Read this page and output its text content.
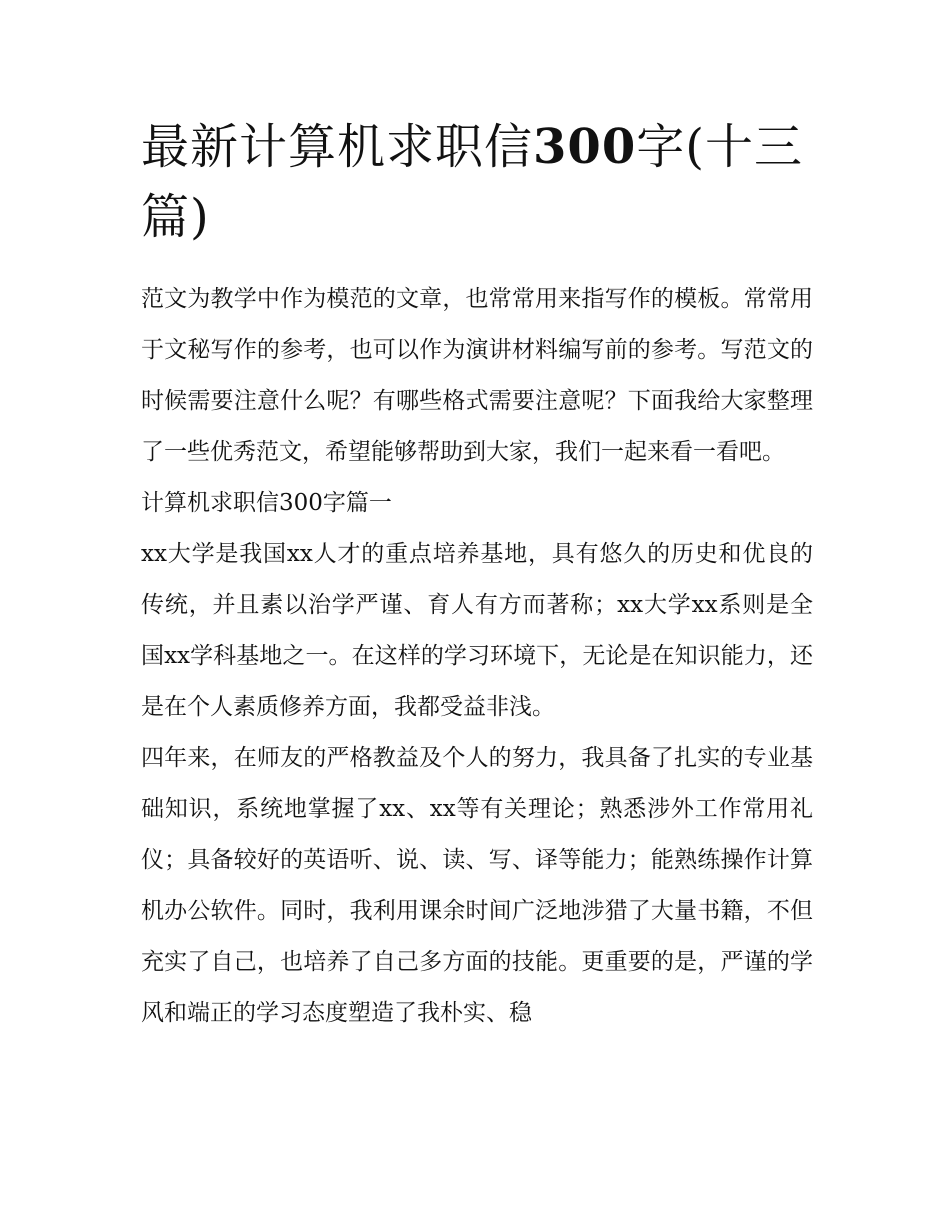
最新计算机求职信300字(十三篇)

范文为教学中作为模范的文章，也常常用来指写作的模板。常常用于文秘写作的参考，也可以作为演讲材料编写前的参考。写范文的时候需要注意什么呢？有哪些格式需要注意呢？下面我给大家整理了一些优秀范文，希望能够帮助到大家，我们一起来看一看吧。

计算机求职信300字篇一

xx大学是我国xx人才的重点培养基地，具有悠久的历史和优良的传统，并且素以治学严谨、育人有方而著称；xx大学xx系则是全国xx学科基地之一。在这样的学习环境下，无论是在知识能力，还是在个人素质修养方面，我都受益非浅。

四年来，在师友的严格教益及个人的努力，我具备了扎实的专业基础知识，系统地掌握了xx、xx等有关理论；熟悉涉外工作常用礼仪；具备较好的英语听、说、读、写、译等能力；能熟练操作计算机办公软件。同时，我利用课余时间广泛地涉猎了大量书籍，不但充实了自己，也培养了自己多方面的技能。更重要的是，严谨的学风和端正的学习态度塑造了我朴实、稳
